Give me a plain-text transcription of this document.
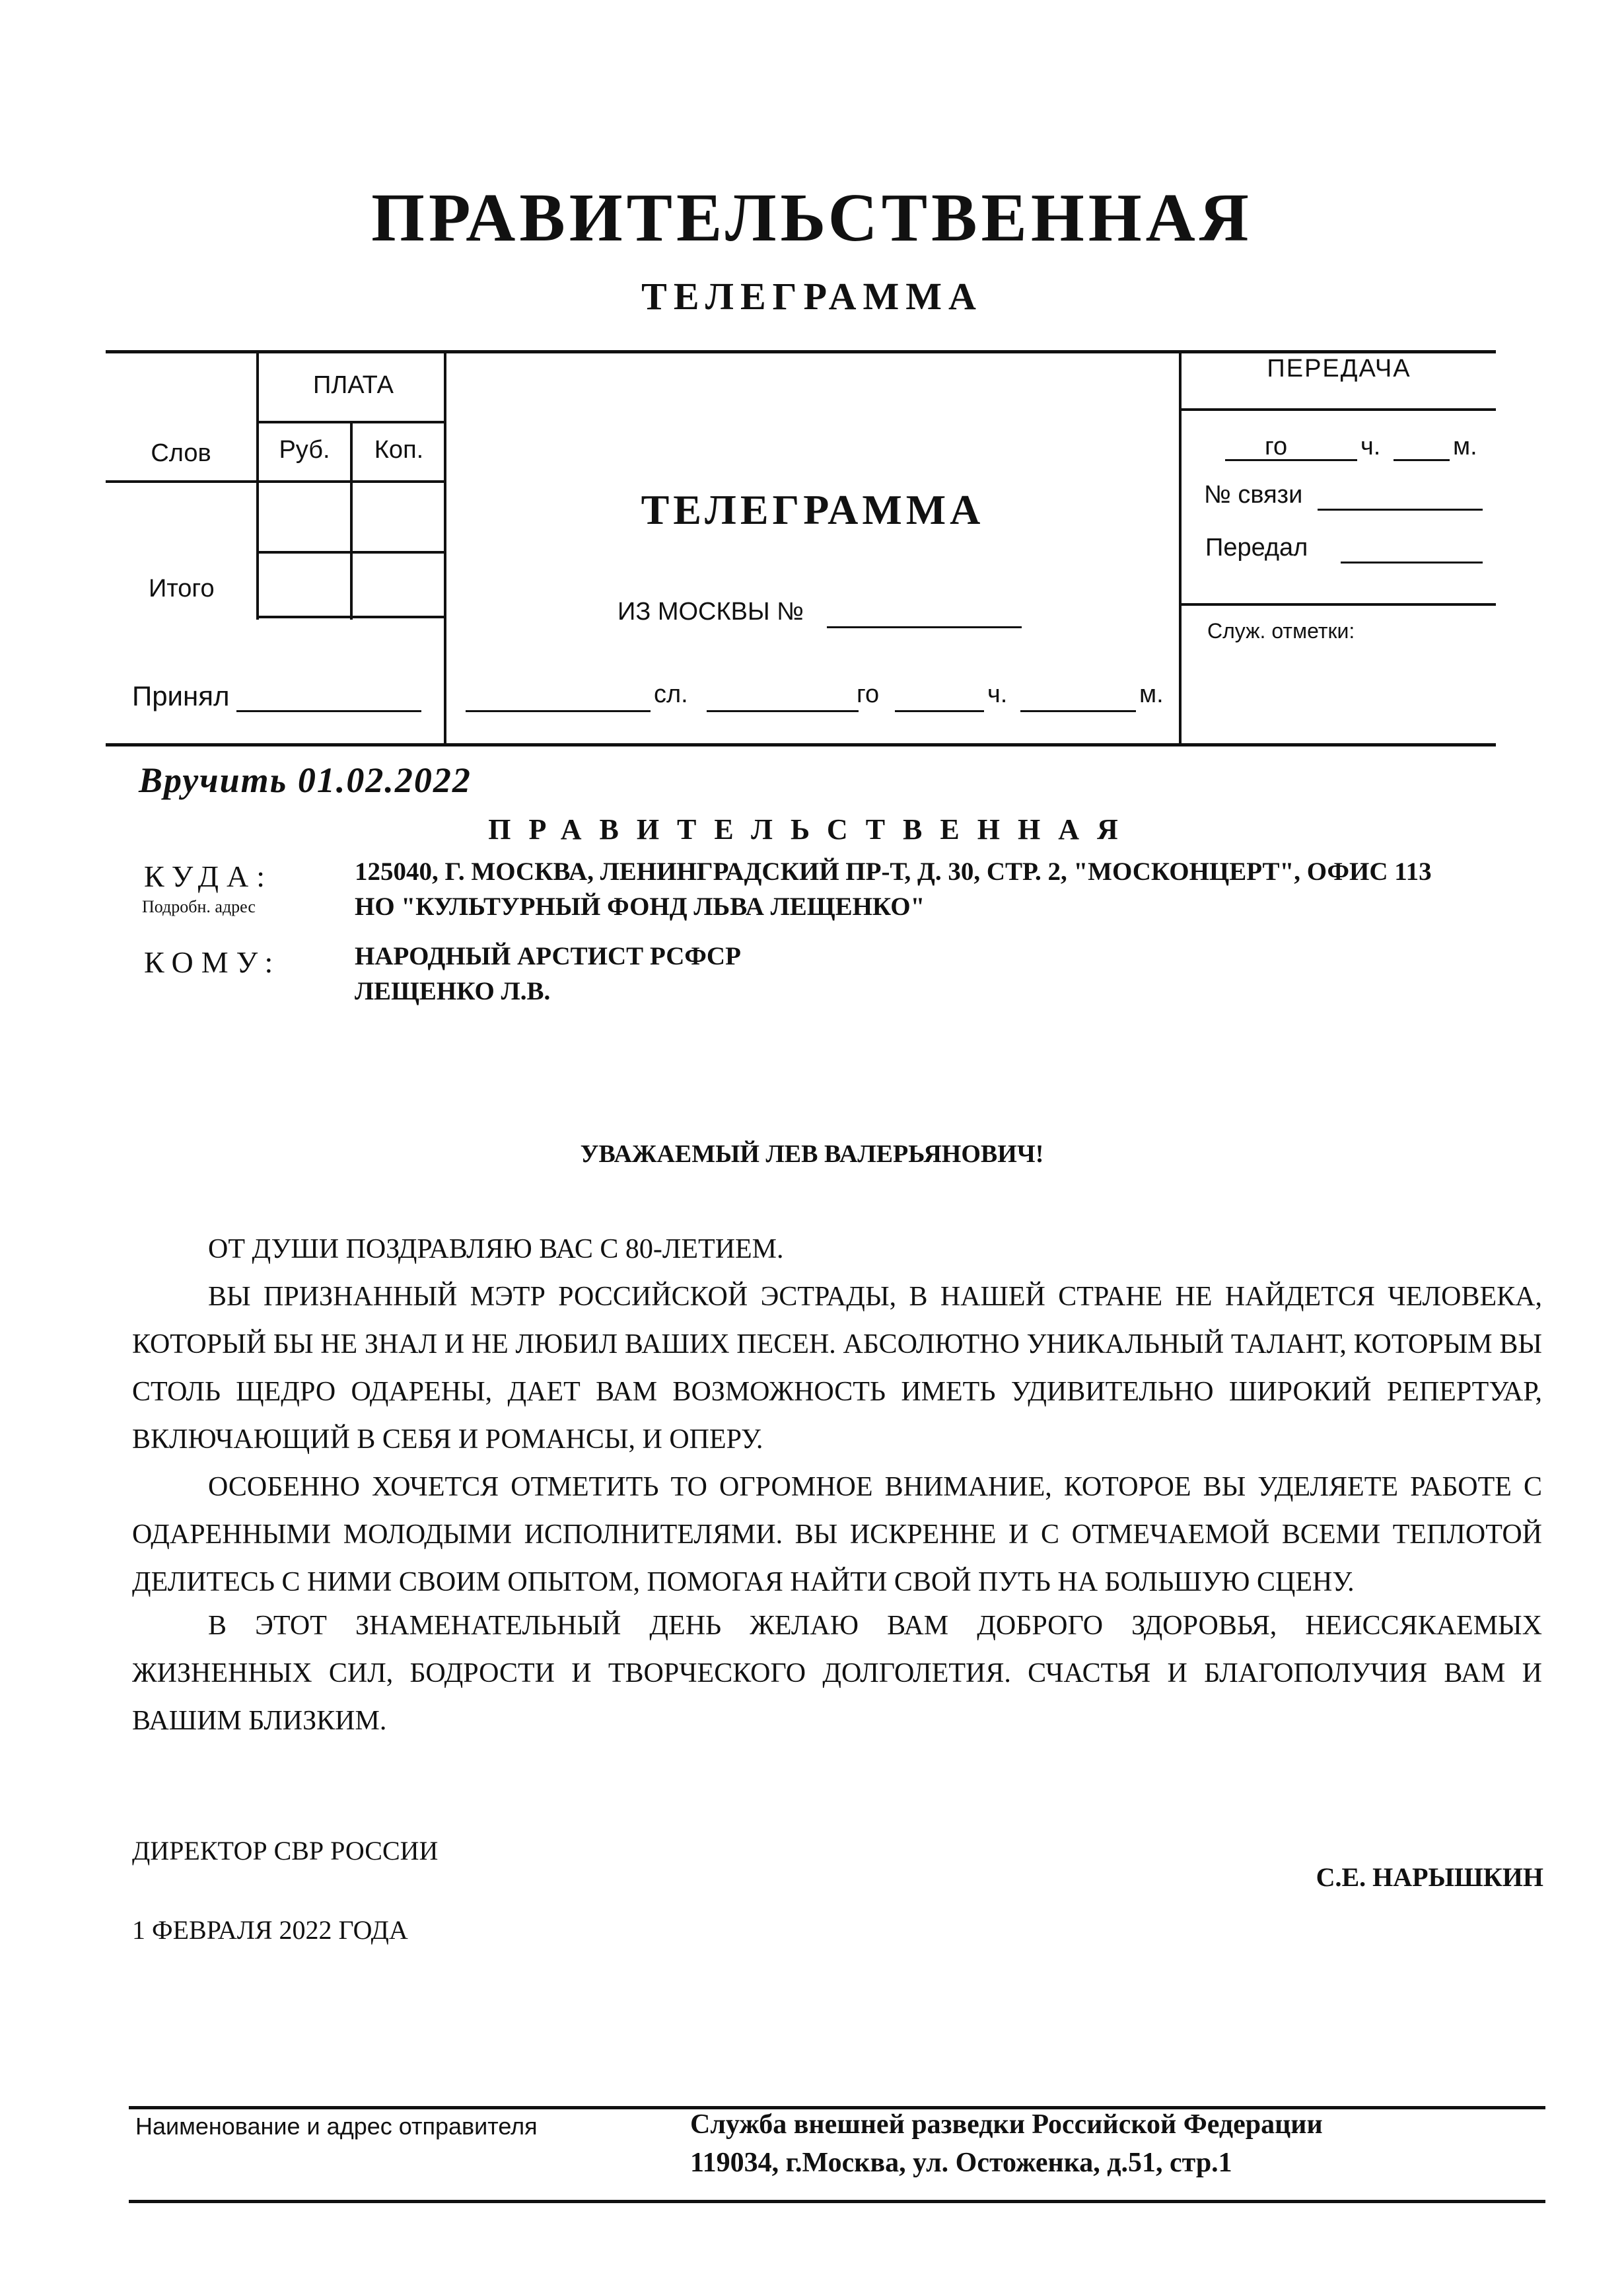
ПРАВИТЕЛЬСТВЕННАЯ
ТЕЛЕГРАММА
ПЛАТА
Слов	Руб.	Коп.
Итого
Принял
ТЕЛЕГРАММА
ИЗ МОСКВЫ №
сл.	го	ч.	м.
ПЕРЕДАЧА
го	ч.	м.
№ связи
Передал
Служ. отметки:
Вручить 01.02.2022
ПРАВИТЕЛЬСТВЕННАЯ
КУДА:
Подробн. адрес
125040, Г. МОСКВА, ЛЕНИНГРАДСКИЙ ПР-Т, Д. 30, СТР. 2, "МОСКОНЦЕРТ", ОФИС 113
НО "КУЛЬТУРНЫЙ ФОНД ЛЬВА ЛЕЩЕНКО"
КОМУ:	НАРОДНЫЙ АРСТИСТ РСФСР
ЛЕЩЕНКО Л.В.
УВАЖАЕМЫЙ ЛЕВ ВАЛЕРЬЯНОВИЧ!
ОТ ДУШИ ПОЗДРАВЛЯЮ ВАС С 80-ЛЕТИЕМ.
ВЫ ПРИЗНАННЫЙ МЭТР РОССИЙСКОЙ ЭСТРАДЫ, В НАШЕЙ СТРАНЕ НЕ НАЙДЕТСЯ ЧЕЛОВЕКА, КОТОРЫЙ БЫ НЕ ЗНАЛ И НЕ ЛЮБИЛ ВАШИХ ПЕСЕН. АБСОЛЮТНО УНИКАЛЬНЫЙ ТАЛАНТ, КОТОРЫМ ВЫ СТОЛЬ ЩЕДРО ОДАРЕНЫ, ДАЕТ ВАМ ВОЗМОЖНОСТЬ ИМЕТЬ УДИВИТЕЛЬНО ШИРОКИЙ РЕПЕРТУАР, ВКЛЮЧАЮЩИЙ В СЕБЯ И РОМАНСЫ, И ОПЕРУ.
ОСОБЕННО ХОЧЕТСЯ ОТМЕТИТЬ ТО ОГРОМНОЕ ВНИМАНИЕ, КОТОРОЕ ВЫ УДЕЛЯЕТЕ РАБОТЕ С ОДАРЕННЫМИ МОЛОДЫМИ ИСПОЛНИТЕЛЯМИ. ВЫ ИСКРЕННЕ И С ОТМЕЧАЕМОЙ ВСЕМИ ТЕПЛОТОЙ ДЕЛИТЕСЬ С НИМИ СВОИМ ОПЫТОМ, ПОМОГАЯ НАЙТИ СВОЙ ПУТЬ НА БОЛЬШУЮ СЦЕНУ.
В ЭТОТ ЗНАМЕНАТЕЛЬНЫЙ ДЕНЬ ЖЕЛАЮ ВАМ ДОБРОГО ЗДОРОВЬЯ, НЕИССЯКАЕМЫХ ЖИЗНЕННЫХ СИЛ, БОДРОСТИ И ТВОРЧЕСКОГО ДОЛГОЛЕТИЯ. СЧАСТЬЯ И БЛАГОПОЛУЧИЯ ВАМ И ВАШИМ БЛИЗКИМ.
ДИРЕКТОР СВР РОССИИ
С.Е. НАРЫШКИН
1 ФЕВРАЛЯ 2022 ГОДА
Наименование и адрес отправителя	Служба внешней разведки Российской Федерации
119034, г.Москва, ул. Остоженка, д.51, стр.1
